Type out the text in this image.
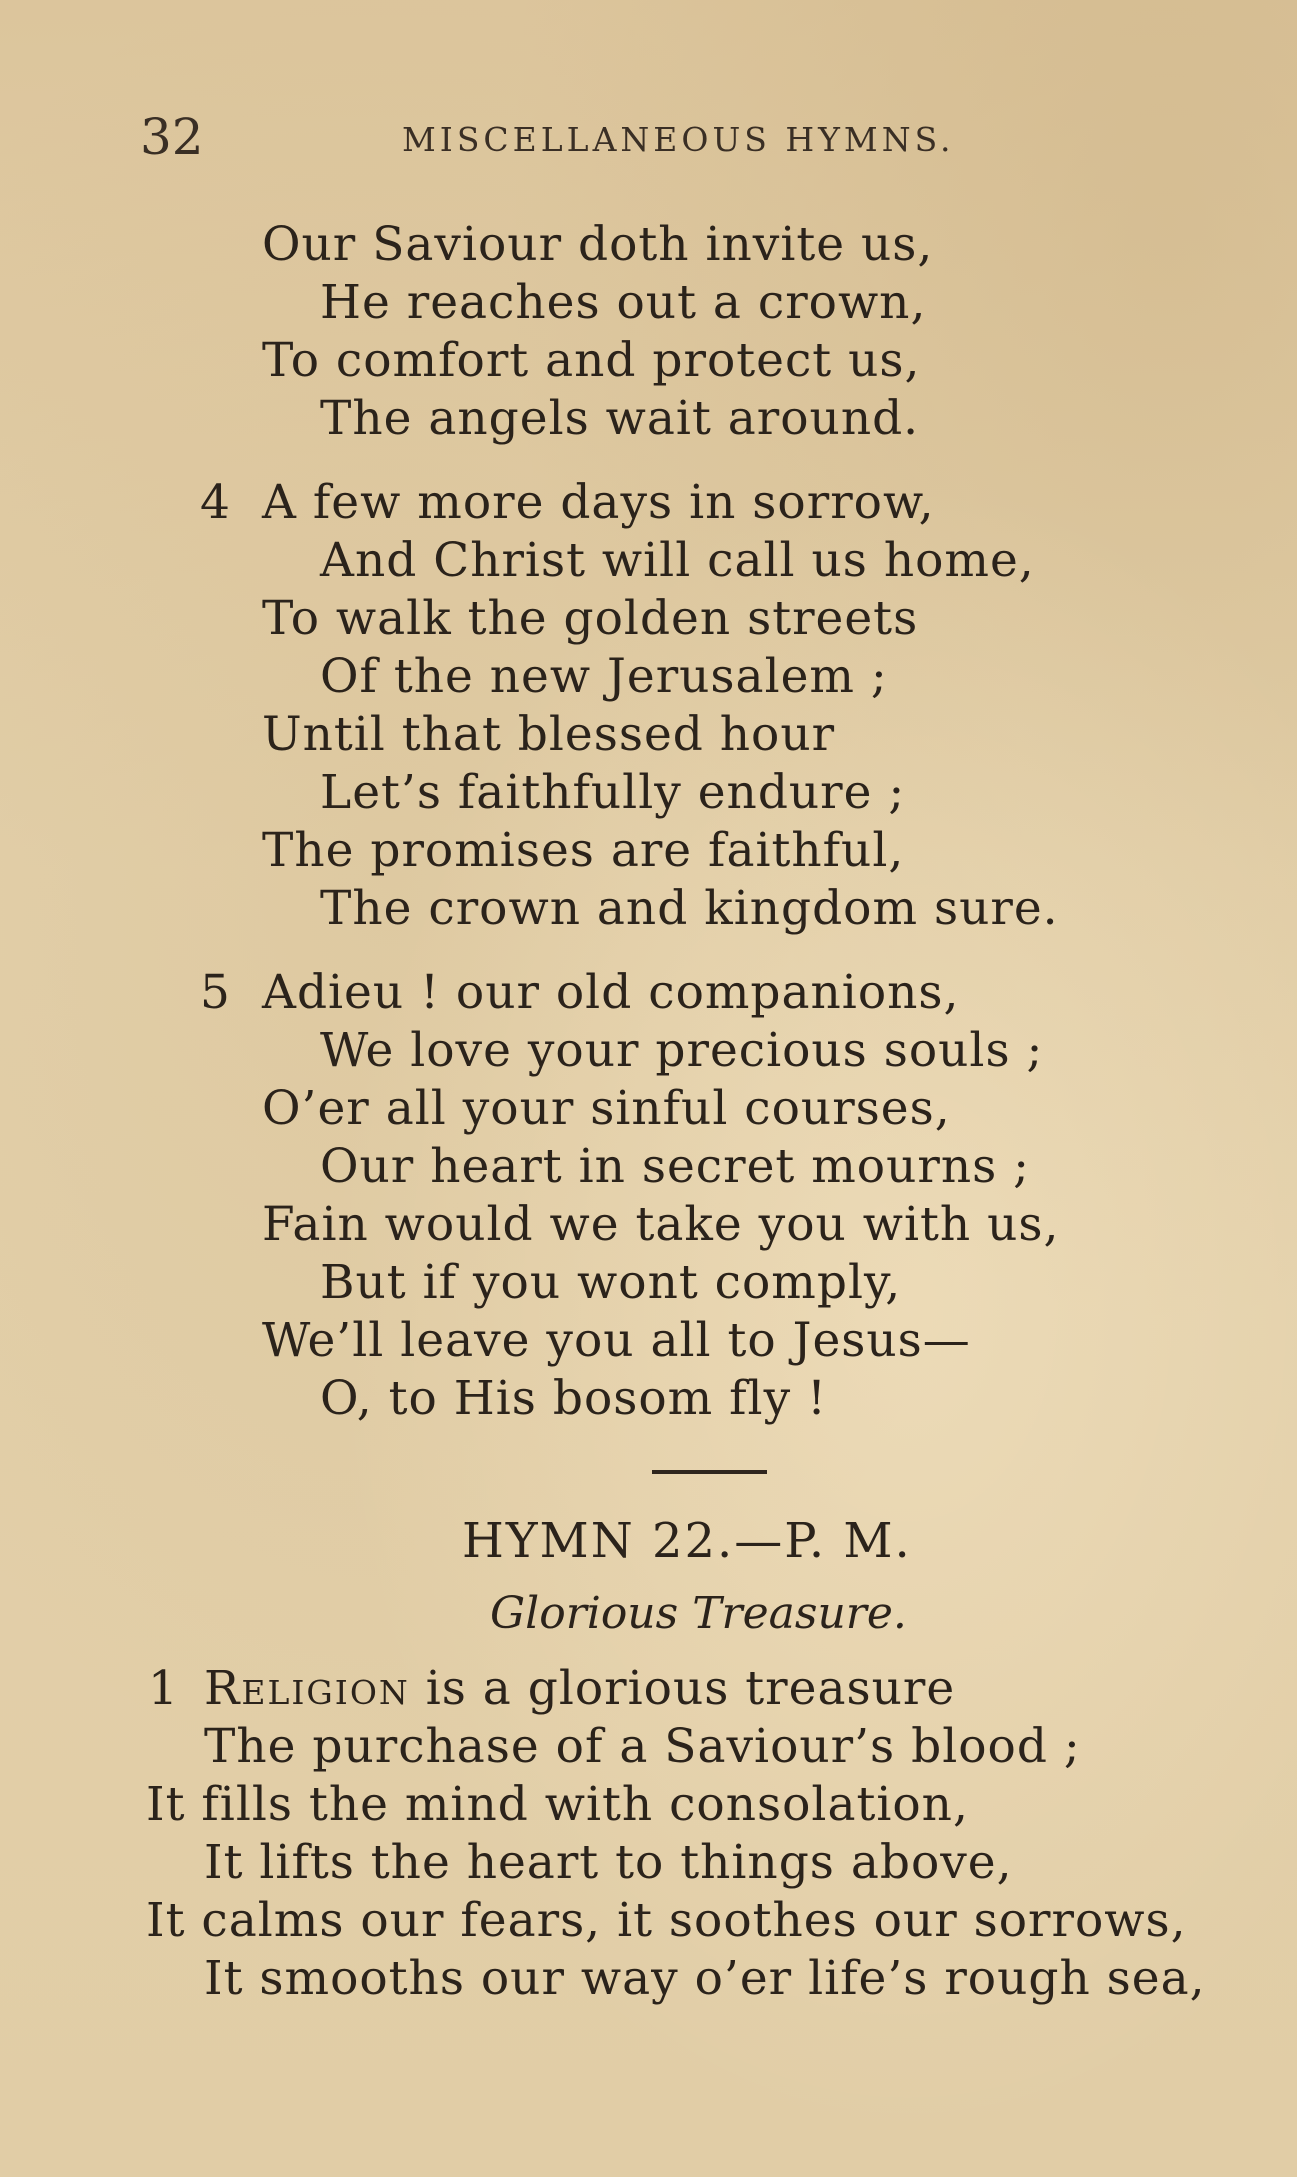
32	MISCELLANEOUS HYMNS.
Our Saviour doth invite us,
He reaches out a crown,
To comfort and protect us,
The angels wait around.
4 A few more days in sorrow,
And Christ will call us home,
To walk the golden streets
Of the new Jerusalem ;
Until that blessed hour
Let’s faithfully endure ;
The promises are faithful,
The crown and kingdom sure.
5 Adieu ! our old companions,
We love your precious souls ;
O’er all your sinful courses,
Our heart in secret mourns ;
Fain would we take you with us,
But if you wont comply,
We’ll leave you all to Jesus—
O, to His bosom fly !
HYMN 22.—P. M.
Glorious Treasure.
1 Religion is a glorious treasure
The purchase of a Saviour’s blood ;
It fills the mind with consolation,
It lifts the heart to things above,
It calms our fears, it soothes our sorrows,
It smooths our way o’er life’s rough sea,
